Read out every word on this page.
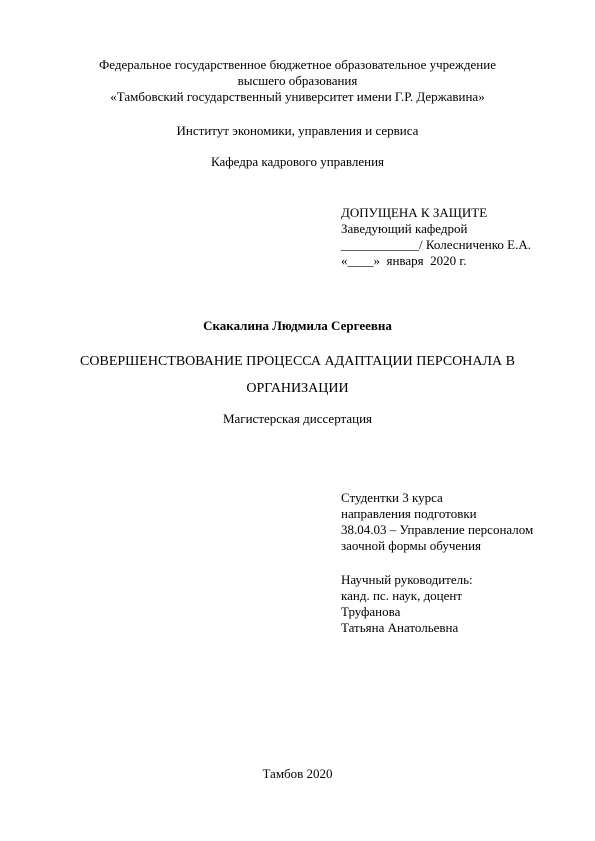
Федеральное государственное бюджетное образовательное учреждение
высшего образования
«Тамбовский государственный университет имени Г.Р. Державина»
Институт экономики, управления и сервиса
Кафедра кадрового управления
ДОПУЩЕНА К ЗАЩИТЕ
Заведующий кафедрой
____________/ Колесниченко Е.А.
«____»  января  2020 г.
Скакалина Людмила Сергеевна
СОВЕРШЕНСТВОВАНИЕ ПРОЦЕССА АДАПТАЦИИ ПЕРСОНАЛА В
ОРГАНИЗАЦИИ
Магистерская диссертация
Студентки 3 курса
направления подготовки
38.04.03 – Управление персоналом
заочной формы обучения
Научный руководитель:
канд. пс. наук, доцент
Труфанова
Татьяна Анатольевна
Тамбов 2020
